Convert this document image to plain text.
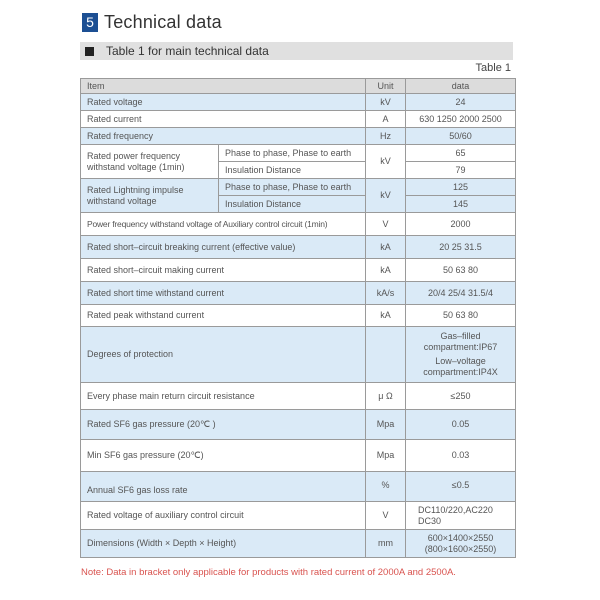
5 Technical data
Table 1 for main technical data
Table 1
Item		Unit	data
Rated voltage		kV	24
Rated current		A	630 1250 2000 2500
Rated frequency		Hz	50/60
Rated power frequency withstand voltage (1min)	Phase to phase, Phase to earth	kV	65
	Insulation Distance		79
Rated Lightning impulse withstand voltage	Phase to phase, Phase to earth	kV	125
	Insulation Distance		145
Power frequency withstand voltage of Auxiliary control circuit (1min)		V	2000
Rated short–circuit breaking current (effective value)		kA	20 25 31.5
Rated short–circuit making current		kA	50 63 80
Rated short time withstand current		kA/s	20/4 25/4 31.5/4
Rated peak withstand current		kA	50 63 80
Degrees of protection			Gas–filled compartment:IP67
Low–voltage compartment:IP4X

Every phase main return circuit resistance		μ Ω	≤250
Rated SF6 gas pressure (20℃ )		Mpa	0.05
Min SF6 gas pressure (20℃)		Mpa	0.03
Annual SF6 gas loss rate		%	≤0.5
Rated voltage of auxiliary control circuit		V	DC110/220,AC220 DC30
Dimensions (Width × Depth × Height)		mm	600×1400×2550
(800×1600×2550)
Note: Data in bracket only applicable for products with rated current of 2000A and 2500A.
